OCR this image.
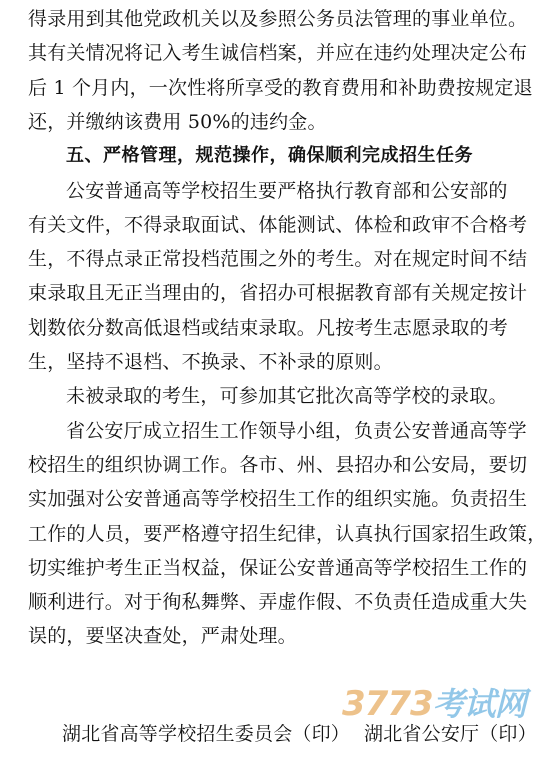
湖北省高等学校招生委员会（印） 湖北省公安厅（印）
3773考试网
得录用到其他党政机关以及参照公务员法管理的事业单位。
其有关情况将记入考生诚信档案，并应在违约处理决定公布
后 1 个月内，一次性将所享受的教育费用和补助费按规定退
还，并缴纳该费用 50%的违约金。
五、严格管理，规范操作，确保顺利完成招生任务
公安普通高等学校招生要严格执行教育部和公安部的
有关文件，不得录取面试、体能测试、体检和政审不合格考
生，不得点录正常投档范围之外的考生。对在规定时间不结
束录取且无正当理由的，省招办可根据教育部有关规定按计
划数依分数高低退档或结束录取。凡按考生志愿录取的考
生，坚持不退档、不换录、不补录的原则。
未被录取的考生，可参加其它批次高等学校的录取。
省公安厅成立招生工作领导小组，负责公安普通高等学
校招生的组织协调工作。各市、州、县招办和公安局，要切
实加强对公安普通高等学校招生工作的组织实施。负责招生
工作的人员，要严格遵守招生纪律，认真执行国家招生政策，
切实维护考生正当权益，保证公安普通高等学校招生工作的
顺利进行。对于徇私舞弊、弄虚作假、不负责任造成重大失
误的，要坚决查处，严肃处理。
